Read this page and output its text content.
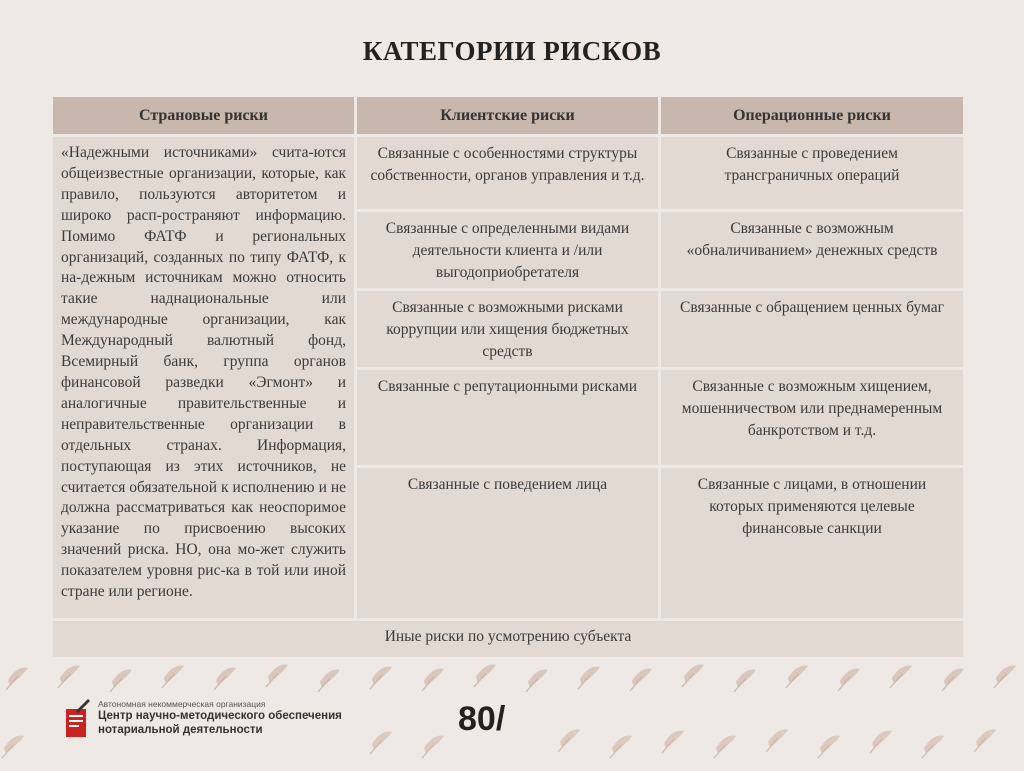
КАТЕГОРИИ РИСКОВ
Страновые риски	Клиентские риски	Операционные риски
«Надежными источниками» счита-ются общеизвестные организации, которые, как правило, пользуются авторитетом и широко расп-ространяют информацию. Помимо ФАТФ и региональных организаций, созданных по типу ФАТФ, к на-дежным источникам можно относить такие наднациональные или международные организации, как Международный валютный фонд, Всемирный банк, группа органов финансовой разведки «Эгмонт» и аналогичные правительственные и неправительственные организации в отдельных странах. Информация, поступающая из этих источников, не считается обязательной к исполнению и не должна рассматриваться как неоспоримое указание по присвоению высоких значений риска. НО, она мо-жет служить показателем уровня рис-ка в той или иной стране или регионе.	Связанные с особенностями структуры собственности, органов управления и т.д.	Связанные с проведением трансграничных операций
	Связанные с определенными видами деятельности клиента и /или выгодоприобретателя	Связанные с возможным «обналичиванием» денежных средств
	Связанные с возможными рисками коррупции или хищения бюджетных средств	Связанные с обращением ценных бумаг
	Связанные с репутационными рисками	Связанные с возможным хищением, мошенничеством или преднамеренным банкротством и т.д.
	Связанные с поведением лица	Связанные с лицами, в отношении которых применяются целевые финансовые санкции
Иные риски по усмотрению субъекта		
Автономная некоммерческая организация
Центр научно-методического обеспечения
нотариальной деятельности	80/
